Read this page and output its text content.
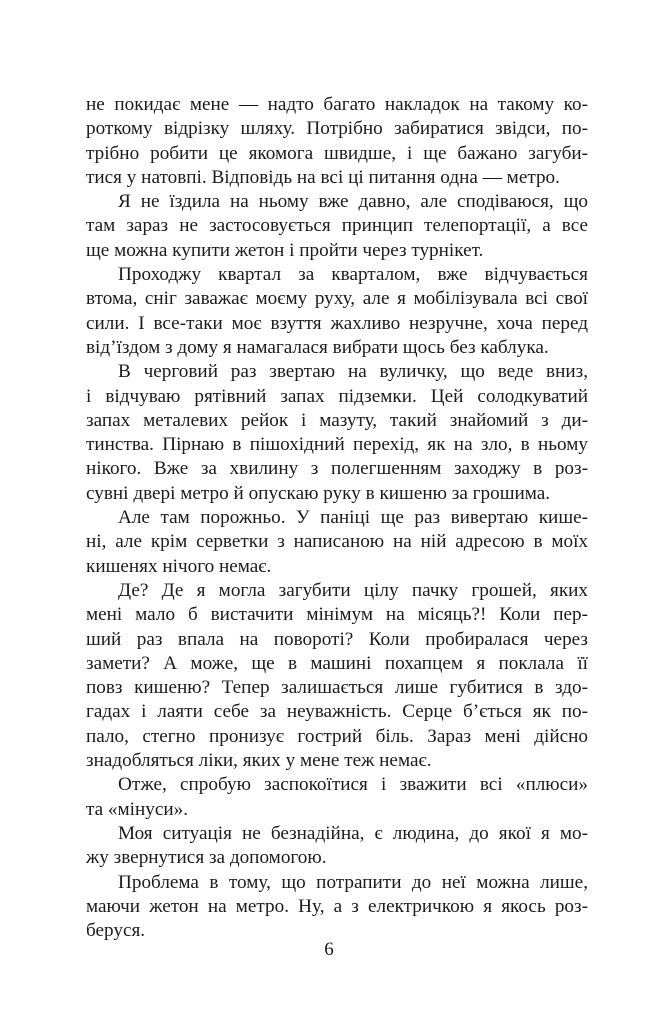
не покидає мене — надто багато накладок на такому ко-
роткому відрізку шляху. Потрібно забиратися звідси, по-
трібно робити це якомога швидше, і ще бажано загуби-
тися у натовпі. Відповідь на всі ці питання одна — метро.
Я не їздила на ньому вже давно, але сподіваюся, що
там зараз не застосовується принцип телепортації, а все
ще можна купити жетон і пройти через турнікет.
Проходжу квартал за кварталом, вже відчувається
втома, сніг заважає моєму руху, але я мобілізувала всі свої
сили. І все-таки моє взуття жахливо незручне, хоча перед
від’їздом з дому я намагалася вибрати щось без каблука.
В черговий раз звертаю на вуличку, що веде вниз,
і відчуваю рятівний запах підземки. Цей солодкуватий
запах металевих рейок і мазуту, такий знайомий з ди-
тинства. Пірнаю в пішохідний перехід, як на зло, в ньому
нікого. Вже за хвилину з полегшенням заходжу в роз-
сувні двері метро й опускаю руку в кишеню за грошима.
Але там порожньо. У паніці ще раз вивертаю кише-
ні, але крім серветки з написаною на ній адресою в моїх
кишенях нічого немає.
Де? Де я могла загубити цілу пачку грошей, яких
мені мало б вистачити мінімум на місяць?! Коли пер-
ший раз впала на повороті? Коли пробиралася через
замети? А може, ще в машині похапцем я поклала її
повз кишеню? Тепер залишається лише губитися в здо-
гадах і лаяти себе за неуважність. Серце б’ється як по-
пало, стегно пронизує гострий біль. Зараз мені дійсно
знадобляться ліки, яких у мене теж немає.
Отже, спробую заспокоїтися і зважити всі «плюси»
та «мінуси».
Моя ситуація не безнадійна, є людина, до якої я мо-
жу звернутися за допомогою.
Проблема в тому, що потрапити до неї можна лише,
маючи жетон на метро. Ну, а з електричкою я якось роз-
беруся.
6
